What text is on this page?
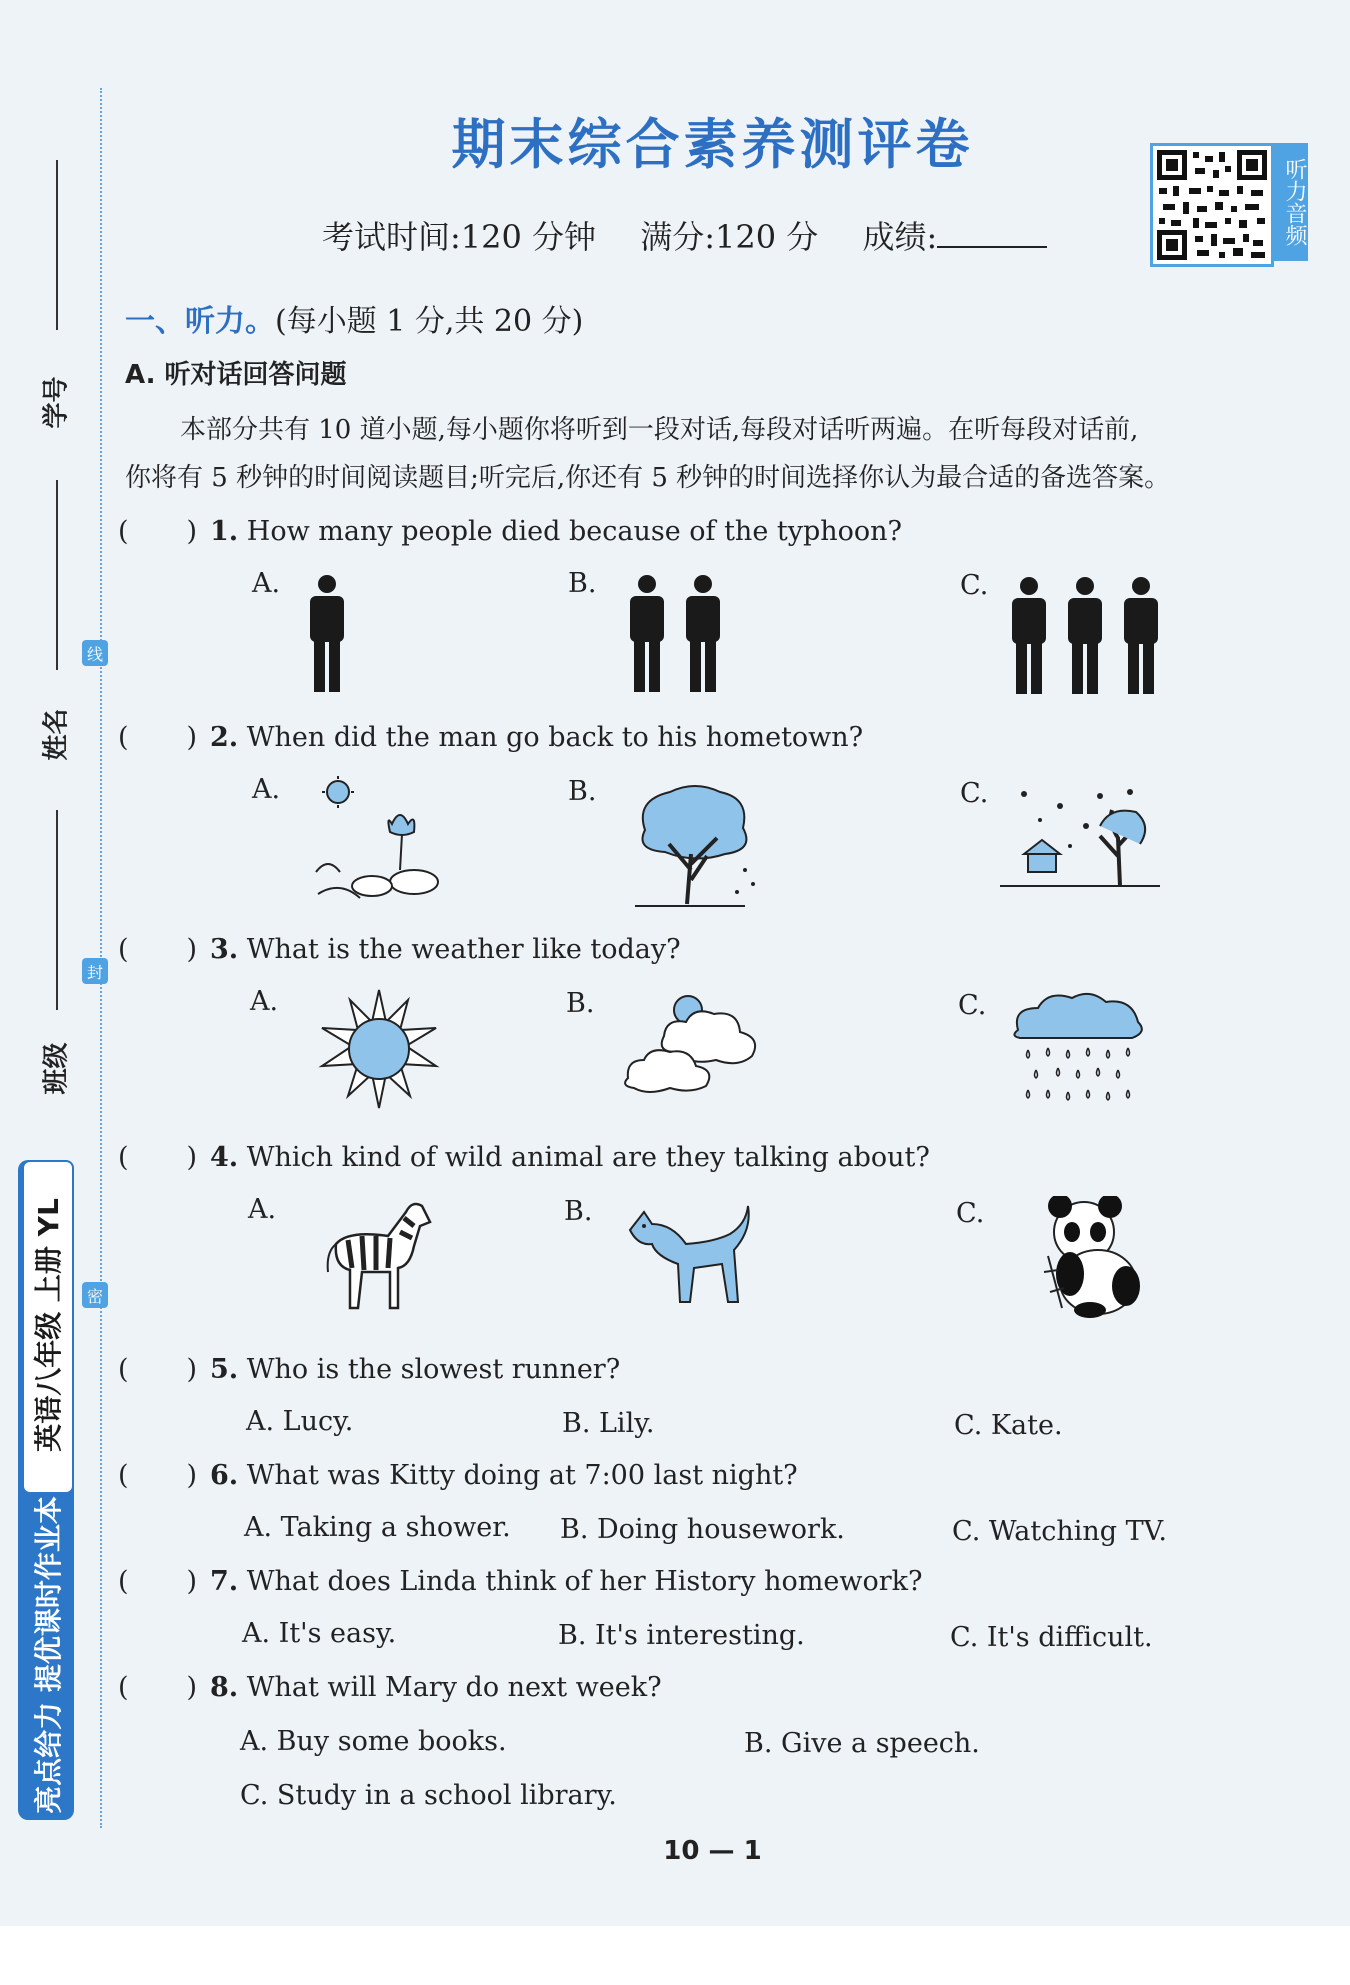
学号
姓名
班级
线
封
密
亮点给力 提优课时作业本
英语八年级 上册 YL
期末综合素养测评卷
考试时间:120 分钟 满分:120 分 成绩:	听力音频
一、听力。(每小题 1 分,共 20 分)
A. 听对话回答问题
本部分共有 10 道小题,每小题你将听到一段对话,每段对话听两遍。在听每段对话前,
你将有 5 秒钟的时间阅读题目;听完后,你还有 5 秒钟的时间选择你认为最合适的备选答案。
( ) 1. How many people died because of the typhoon?
A.	B.	C.
( ) 2. When did the man go back to his hometown?
A.	B.	C.
( ) 3. What is the weather like today?
A.	B.	C.
( ) 4. Which kind of wild animal are they talking about?
A.	B.	C.
( ) 5. Who is the slowest runner?
A. Lucy.	B. Lily.	C. Kate.
( ) 6. What was Kitty doing at 7:00 last night?
A. Taking a shower. B. Doing housework.	C. Watching TV.
( ) 7. What does Linda think of her History homework?
A. It's easy.	B. It's interesting.	C. It's difficult.
( ) 8. What will Mary do next week?
A. Buy some books.	B. Give a speech.
C. Study in a school library.
10 — 1
